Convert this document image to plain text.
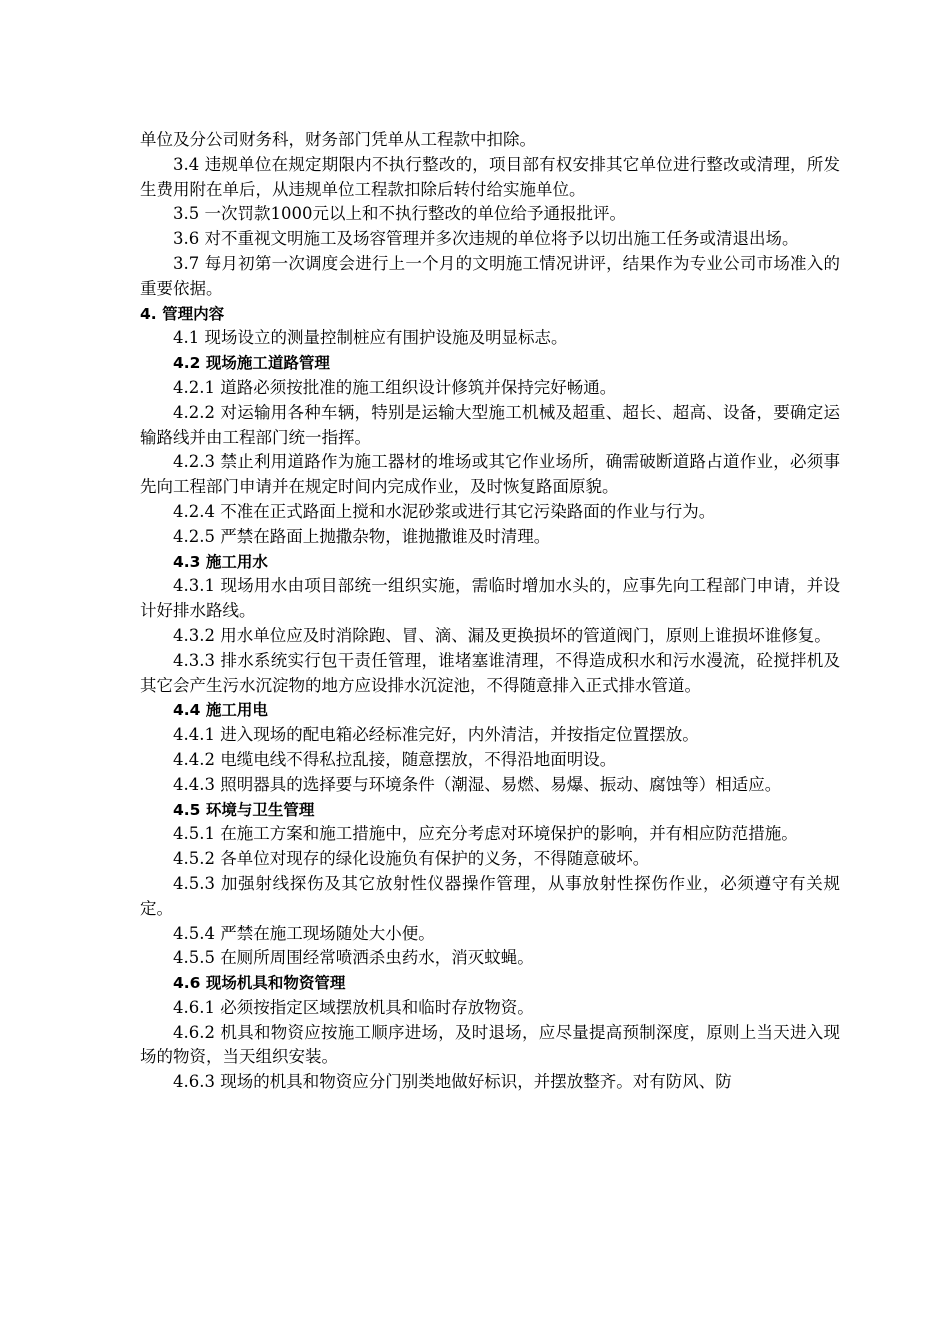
单位及分公司财务科，财务部门凭单从工程款中扣除。

3.4 违规单位在规定期限内不执行整改的，项目部有权安排其它单位进行整改或清理，所发生费用附在单后，从违规单位工程款扣除后转付给实施单位。

3.5 一次罚款1000元以上和不执行整改的单位给予通报批评。

3.6 对不重视文明施工及场容管理并多次违规的单位将予以切出施工任务或清退出场。

3.7 每月初第一次调度会进行上一个月的文明施工情况讲评，结果作为专业公司市场准入的重要依据。

4. 管理内容

4.1 现场设立的测量控制桩应有围护设施及明显标志。

4.2 现场施工道路管理

4.2.1 道路必须按批准的施工组织设计修筑并保持完好畅通。

4.2.2 对运输用各种车辆，特别是运输大型施工机械及超重、超长、超高、设备，要确定运输路线并由工程部门统一指挥。

4.2.3 禁止利用道路作为施工器材的堆场或其它作业场所，确需破断道路占道作业，必须事先向工程部门申请并在规定时间内完成作业，及时恢复路面原貌。

4.2.4 不准在正式路面上搅和水泥砂浆或进行其它污染路面的作业与行为。

4.2.5 严禁在路面上抛撒杂物，谁抛撒谁及时清理。

4.3 施工用水

4.3.1 现场用水由项目部统一组织实施，需临时增加水头的，应事先向工程部门申请，并设计好排水路线。

4.3.2 用水单位应及时消除跑、冒、滴、漏及更换损坏的管道阀门，原则上谁损坏谁修复。

4.3.3 排水系统实行包干责任管理，谁堵塞谁清理，不得造成积水和污水漫流，砼搅拌机及其它会产生污水沉淀物的地方应设排水沉淀池，不得随意排入正式排水管道。

4.4 施工用电

4.4.1 进入现场的配电箱必经标准完好，内外清洁，并按指定位置摆放。

4.4.2 电缆电线不得私拉乱接，随意摆放，不得沿地面明设。

4.4.3 照明器具的选择要与环境条件（潮湿、易燃、易爆、振动、腐蚀等）相适应。

4.5 环境与卫生管理

4.5.1 在施工方案和施工措施中，应充分考虑对环境保护的影响，并有相应防范措施。

4.5.2 各单位对现存的绿化设施负有保护的义务，不得随意破坏。

4.5.3 加强射线探伤及其它放射性仪器操作管理，从事放射性探伤作业，必须遵守有关规定。

4.5.4 严禁在施工现场随处大小便。

4.5.5 在厕所周围经常喷洒杀虫药水，消灭蚊蝇。

4.6 现场机具和物资管理

4.6.1 必须按指定区域摆放机具和临时存放物资。

4.6.2 机具和物资应按施工顺序进场，及时退场，应尽量提高预制深度，原则上当天进入现场的物资，当天组织安装。

4.6.3 现场的机具和物资应分门别类地做好标识，并摆放整齐。对有防风、防
